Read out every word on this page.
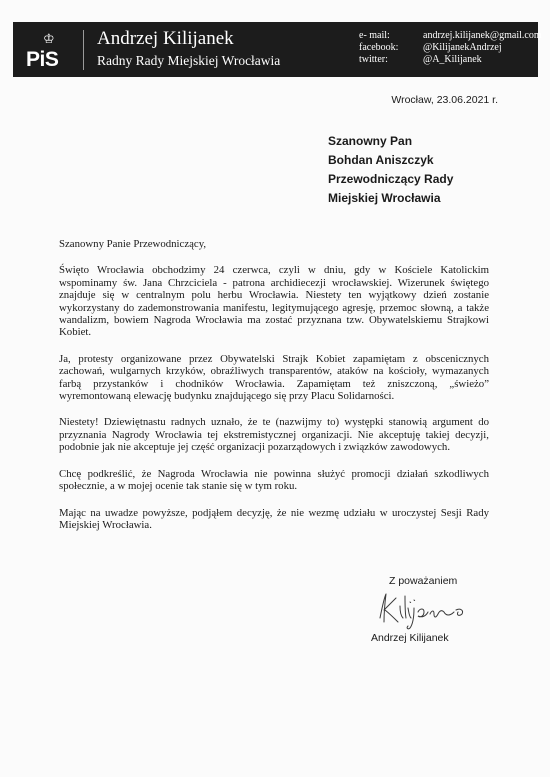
♔
PiS
Andrzej Kilijanek
Radny Rady Miejskiej Wrocławia
e- mail:	andrzej.kilijanek@gmail.com
facebook:	@KilijanekAndrzej
twitter:	@A_Kilijanek
Wrocław, 23.06.2021 r.
Szanowny Pan
Bohdan Aniszczyk
Przewodniczący Rady
Miejskiej Wrocławia
Szanowny Panie Przewodniczący,
Święto Wrocławia obchodzimy 24 czerwca, czyli w dniu, gdy w Kościele Katolickim wspominamy św. Jana Chrzciciela - patrona archidiecezji wrocławskiej. Wizerunek świętego znajduje się w centralnym polu herbu Wrocławia. Niestety ten wyjątkowy dzień zostanie wykorzystany do zademonstrowania manifestu, legitymującego agresję, przemoc słowną, a także wandalizm, bowiem Nagroda Wrocławia ma zostać przyznana tzw. Obywatelskiemu Strajkowi Kobiet.
Ja, protesty organizowane przez Obywatelski Strajk Kobiet zapamiętam z obscenicznych zachowań, wulgarnych krzyków, obraźliwych transparentów, ataków na kościoły, wymazanych farbą przystanków i chodników Wrocławia. Zapamiętam też zniszczoną, „świeżo” wyremontowaną elewację budynku znajdującego się przy Placu Solidarności.
Niestety! Dziewiętnastu radnych uznało, że te (nazwijmy to) występki stanowią argument do przyznania Nagrody Wrocławia tej ekstremistycznej organizacji. Nie akceptuję takiej decyzji, podobnie jak nie akceptuje jej część organizacji pozarządowych i związków zawodowych.
Chcę podkreślić, że Nagroda Wrocławia nie powinna służyć promocji działań szkodliwych społecznie, a w mojej ocenie tak stanie się w tym roku.
Mając na uwadze powyższe, podjąłem decyzję, że nie wezmę udziału w uroczystej Sesji Rady Miejskiej Wrocławia.
Z poważaniem
Andrzej Kilijanek
